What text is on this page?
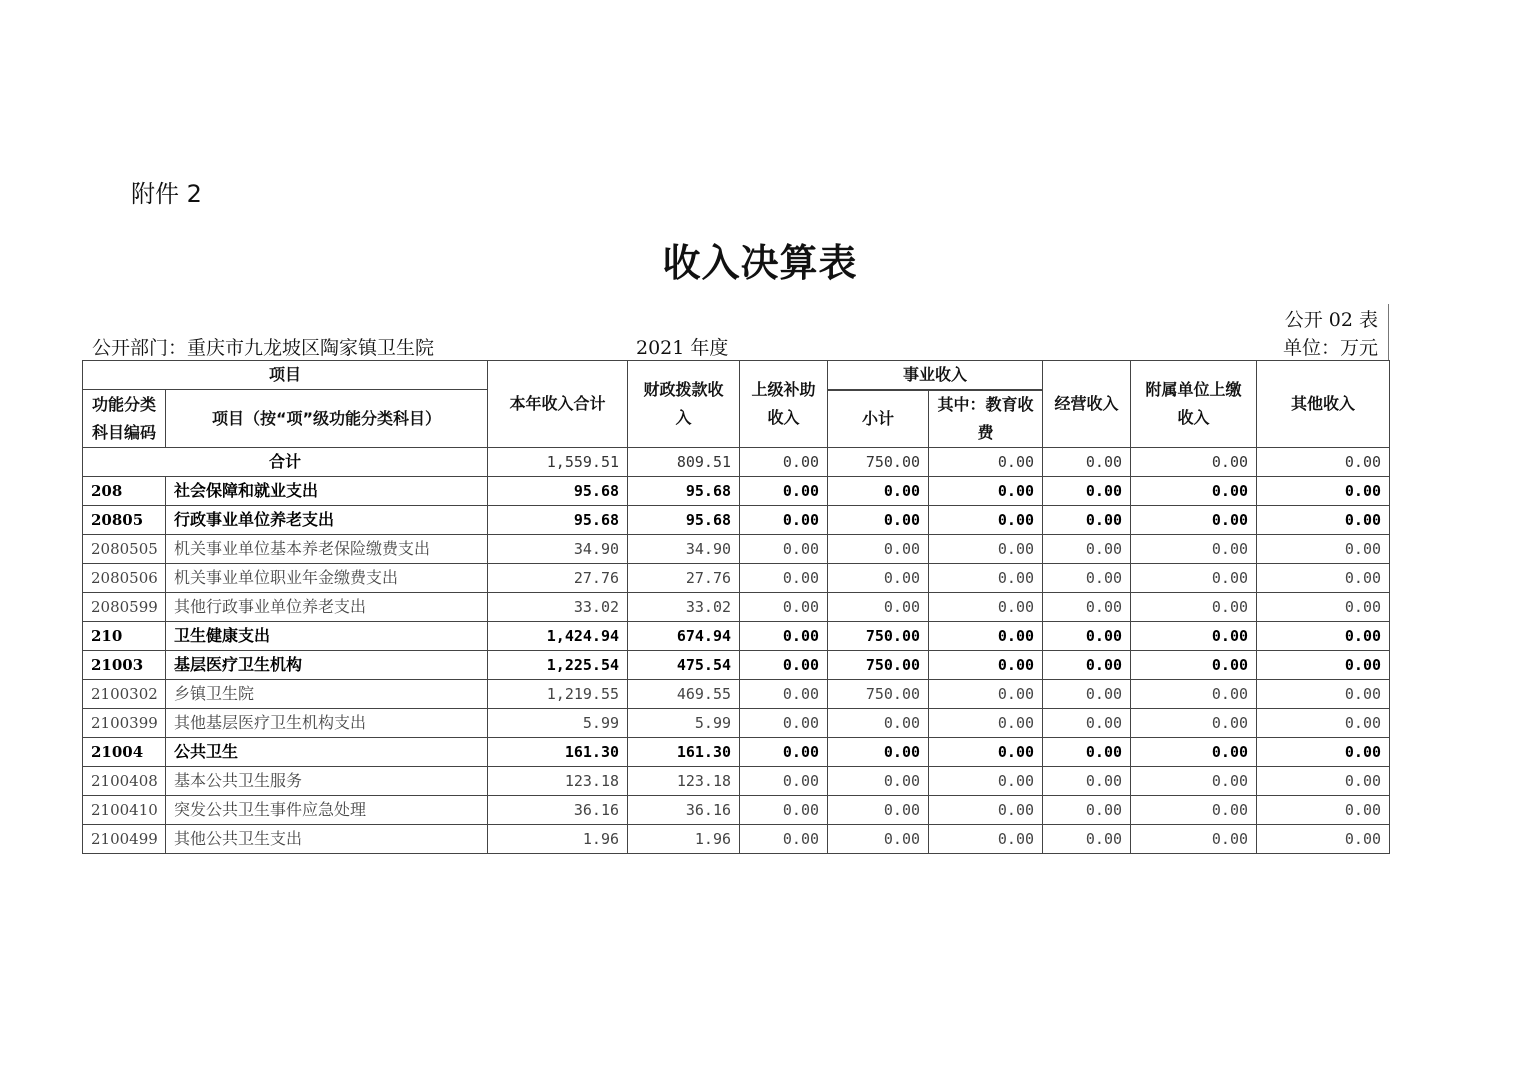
附件 2
收入决算表
公开 02 表
公开部门：重庆市九龙坡区陶家镇卫生院	2021 年度	单位：万元
项目		本年收入合计	财政拨款收入	上级补助收入	事业收入		经营收入	附属单位上缴收入	其他收入
功能分类科目编码	项目（按“项”级功能分类科目）								
					小计	其中：教育收费			
合计		1,559.51	809.51	0.00	750.00	0.00	0.00	0.00	0.00
208	社会保障和就业支出	95.68	95.68	0.00	0.00	0.00	0.00	0.00	0.00
20805	行政事业单位养老支出	95.68	95.68	0.00	0.00	0.00	0.00	0.00	0.00
2080505	机关事业单位基本养老保险缴费支出	34.90	34.90	0.00	0.00	0.00	0.00	0.00	0.00
2080506	机关事业单位职业年金缴费支出	27.76	27.76	0.00	0.00	0.00	0.00	0.00	0.00
2080599	其他行政事业单位养老支出	33.02	33.02	0.00	0.00	0.00	0.00	0.00	0.00
210	卫生健康支出	1,424.94	674.94	0.00	750.00	0.00	0.00	0.00	0.00
21003	基层医疗卫生机构	1,225.54	475.54	0.00	750.00	0.00	0.00	0.00	0.00
2100302	乡镇卫生院	1,219.55	469.55	0.00	750.00	0.00	0.00	0.00	0.00
2100399	其他基层医疗卫生机构支出	5.99	5.99	0.00	0.00	0.00	0.00	0.00	0.00
21004	公共卫生	161.30	161.30	0.00	0.00	0.00	0.00	0.00	0.00
2100408	基本公共卫生服务	123.18	123.18	0.00	0.00	0.00	0.00	0.00	0.00
2100410	突发公共卫生事件应急处理	36.16	36.16	0.00	0.00	0.00	0.00	0.00	0.00
2100499	其他公共卫生支出	1.96	1.96	0.00	0.00	0.00	0.00	0.00	0.00
